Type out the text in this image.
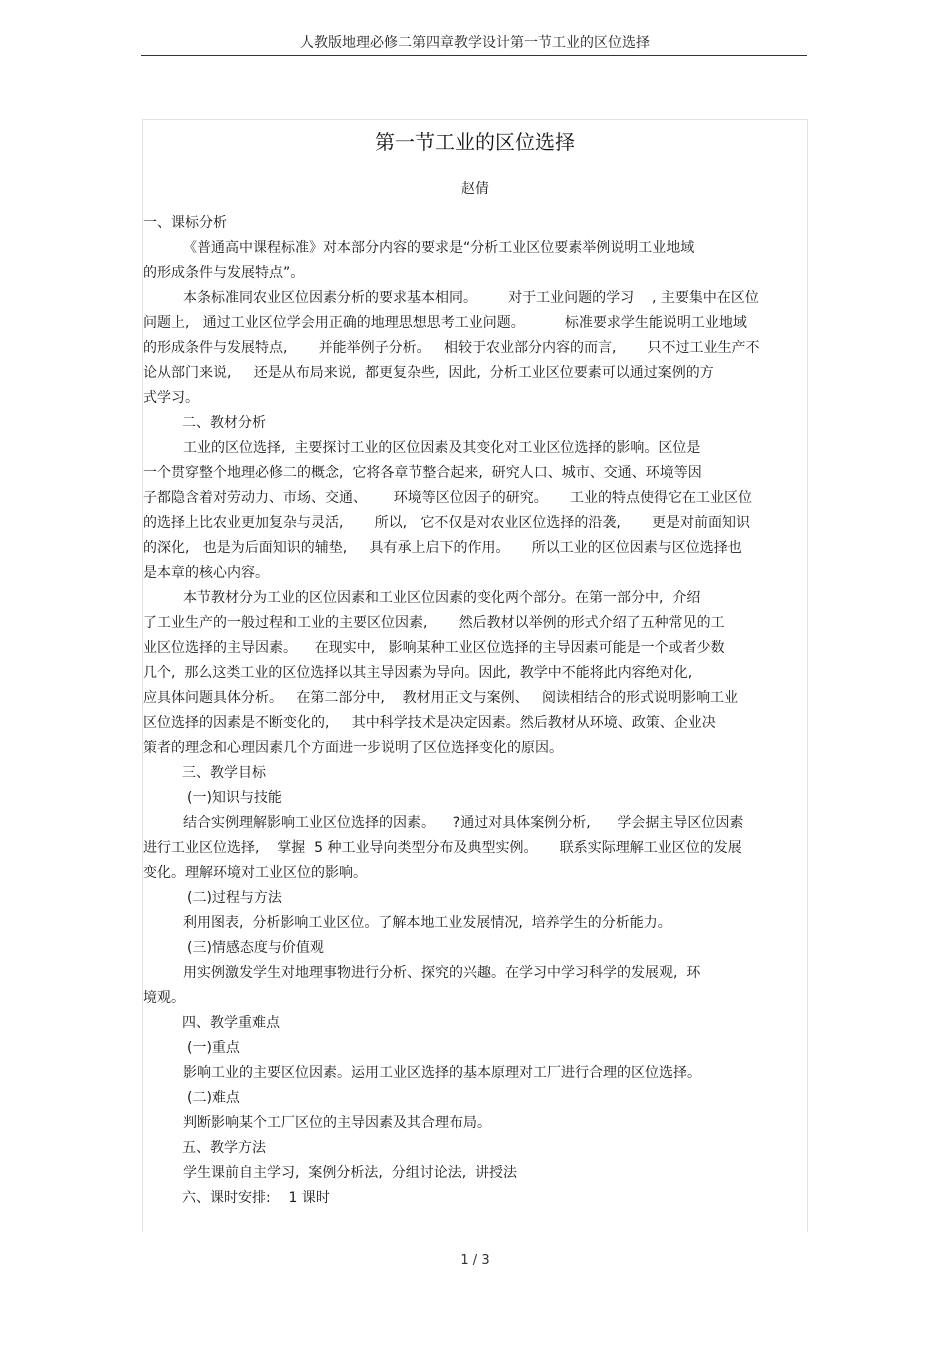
人教版地理必修二第四章教学设计第一节工业的区位选择
第一节工业的区位选择
赵倩
一、课标分析
《普通高中课程标准》对本部分内容的要求是“分析工业区位要素举例说明工业地域
的形成条件与发展特点”。
本条标准同农业区位因素分析的要求基本相同。       对于工业问题的学习    , 主要集中在区位
问题上,   通过工业区位学会用正确的地理思想思考工业问题。         标准要求学生能说明工业地域
的形成条件与发展特点,       并能举例子分析。   相较于农业部分内容的而言,       只不过工业生产不
论从部门来说,     还是从布局来说,  都更复杂些,  因此,  分析工业区位要素可以通过案例的方
式学习。
二、教材分析
工业的区位选择,  主要探讨工业的区位因素及其变化对工业区位选择的影响。区位是
一个贯穿整个地理必修二的概念,  它将各章节整合起来,  研究人口、城市、交通、环境等因
子都隐含着对劳动力、市场、交通、      环境等区位因子的研究。     工业的特点使得它在工业区位
的选择上比农业更加复杂与灵活,       所以,   它不仅是对农业区位选择的沿袭,       更是对前面知识
的深化,   也是为后面知识的辅垫,     具有承上启下的作用。     所以工业的区位因素与区位选择也
是本章的核心内容。
本节教材分为工业的区位因素和工业区位因素的变化两个部分。在第一部分中,  介绍
了工业生产的一般过程和工业的主要区位因素,       然后教材以举例的形式介绍了五种常见的工
业区位选择的主导因素。    在现实中,   影响某种工业区位选择的主导因素可能是一个或者少数
几个,  那么这类工业的区位选择以其主导因素为导向。因此,  教学中不能将此内容绝对化,
应具体问题具体分析。   在第二部分中,    教材用正文与案例、   阅读相结合的形式说明影响工业
区位选择的因素是不断变化的,     其中科学技术是决定因素。然后教材从环境、政策、企业决
策者的理念和心理因素几个方面进一步说明了区位选择变化的原因。
三、教学目标
(一)知识与技能
结合实例理解影响工业区位选择的因素。    ?通过对具体案例分析,      学会据主导区位因素
进行工业区位选择,    掌握  5 种工业导向类型分布及典型实例。     联系实际理解工业区位的发展
变化。理解环境对工业区位的影响。
(二)过程与方法
利用图表,  分析影响工业区位。了解本地工业发展情况,  培养学生的分析能力。
(三)情感态度与价值观
用实例激发学生对地理事物进行分析、探究的兴趣。在学习中学习科学的发展观,  环
境观。
四、教学重难点
(一)重点
影响工业的主要区位因素。运用工业区选择的基本原理对工厂进行合理的区位选择。
(二)难点
判断影响某个工厂区位的主导因素及其合理布局。
五、教学方法
学生课前自主学习,  案例分析法,  分组讨论法,  讲授法
六、课时安排:    1 课时
1 / 3
